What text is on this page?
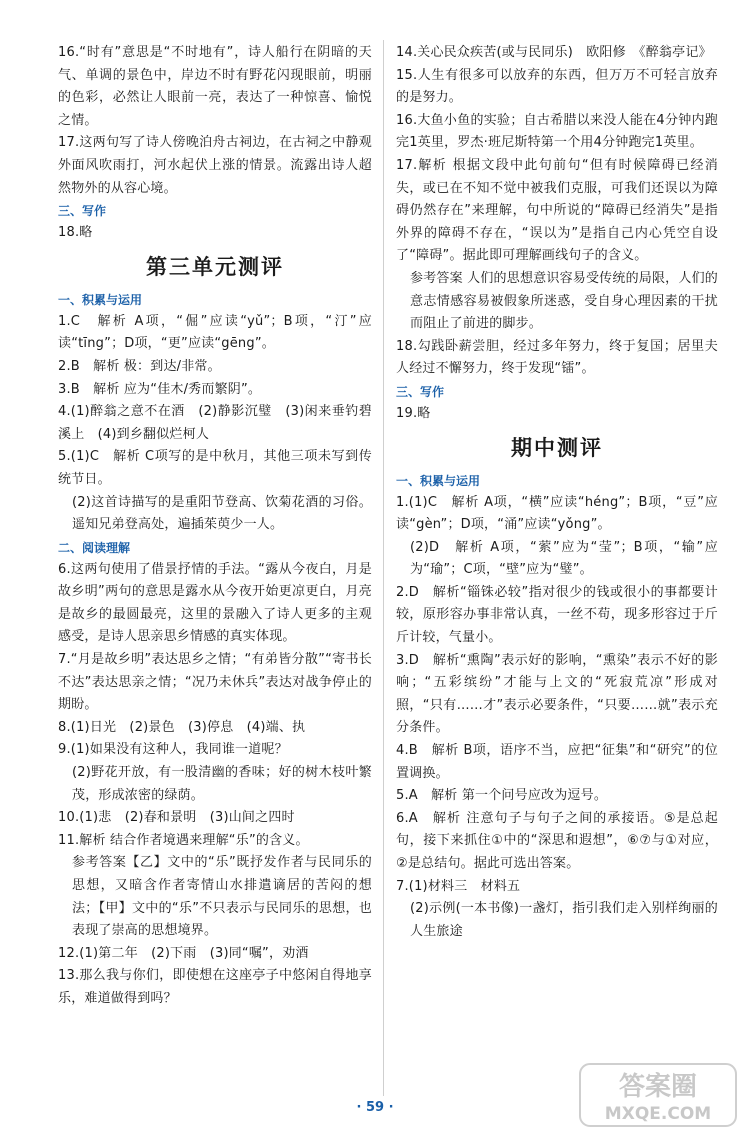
16.“时有”意思是“不时地有”，诗人船行在阴暗的天气、单调的景色中，岸边不时有野花闪现眼前，明丽的色彩，必然让人眼前一亮，表达了一种惊喜、愉悦之情。
17.这两句写了诗人傍晚泊舟古祠边，在古祠之中静观外面风吹雨打，河水起伏上涨的情景。流露出诗人超然物外的从容心境。
三、写作
18.略
第三单元测评
一、积累与运用
1.C　解析 A项，“倔”应读“yǔ”；B项，“汀”应读“tīng”；D项，“更”应读“gēng”。
2.B　解析 极：到达/非常。
3.B　解析 应为“佳木/秀而繁阴”。
4.(1)醉翁之意不在酒　(2)静影沉璧　(3)闲来垂钓碧溪上　(4)到乡翻似烂柯人
5.(1)C　解析 C项写的是中秋月，其他三项未写到传统节日。
(2)这首诗描写的是重阳节登高、饮菊花酒的习俗。遥知兄弟登高处，遍插茱萸少一人。
二、阅读理解
6.这两句使用了借景抒情的手法。“露从今夜白，月是故乡明”两句的意思是露水从今夜开始更凉更白，月亮是故乡的最圆最亮，这里的景融入了诗人更多的主观感受，是诗人思亲思乡情感的真实体现。
7.“月是故乡明”表达思乡之情；“有弟皆分散”“寄书长不达”表达思亲之情；“况乃未休兵”表达对战争停止的期盼。
8.(1)日光　(2)景色　(3)停息　(4)端、执
9.(1)如果没有这种人，我同谁一道呢？
(2)野花开放，有一股清幽的香味；好的树木枝叶繁茂，形成浓密的绿荫。
10.(1)悲　(2)春和景明　(3)山间之四时
11.解析 结合作者境遇来理解“乐”的含义。
参考答案【乙】文中的“乐”既抒发作者与民同乐的思想，又暗含作者寄情山水排遣谪居的苦闷的想法；【甲】文中的“乐”不只表示与民同乐的思想，也表现了崇高的思想境界。
12.(1)第二年　(2)下雨　(3)同“嘱”，劝酒
13.那么我与你们，即使想在这座亭子中悠闲自得地享乐，难道做得到吗？
14.关心民众疾苦(或与民同乐)　欧阳修　《醉翁亭记》
15.人生有很多可以放弃的东西，但万万不可轻言放弃的是努力。
16.大鱼小鱼的实验；自古希腊以来没人能在4分钟内跑完1英里，罗杰·班尼斯特第一个用4分钟跑完1英里。
17.解析 根据文段中此句前句“但有时候障碍已经消失，或已在不知不觉中被我们克服，可我们还误以为障碍仍然存在”来理解，句中所说的“障碍已经消失”是指外界的障碍不存在，“误以为”是指自己内心凭空自设了“障碍”。据此即可理解画线句子的含义。
参考答案 人们的思想意识容易受传统的局限，人们的意志情感容易被假象所迷惑，受自身心理因素的干扰而阻止了前进的脚步。
18.勾践卧薪尝胆，经过多年努力，终于复国；居里夫人经过不懈努力，终于发现“镭”。
三、写作
19.略
期中测评
一、积累与运用
1.(1)C　解析 A项，“横”应读“héng”；B项，“豆”应读“gèn”；D项，“涌”应读“yǒng”。
(2)D　解析 A项，“萦”应为“莹”；B项，“输”应为“瑜”；C项，“壁”应为“璧”。
2.D　解析“锱铢必较”指对很少的钱或很小的事都要计较，原形容办事非常认真，一丝不苟，现多形容过于斤斤计较，气量小。
3.D　解析“熏陶”表示好的影响，“熏染”表示不好的影响；“五彩缤纷”才能与上文的“死寂荒凉”形成对照，“只有……才”表示必要条件，“只要……就”表示充分条件。
4.B　解析 B项，语序不当，应把“征集”和“研究”的位置调换。
5.A　解析 第一个问号应改为逗号。
6.A　解析 注意句子与句子之间的承接语。⑤是总起句，接下来抓住①中的“深思和遐想”，⑥⑦与①对应，②是总结句。据此可选出答案。
7.(1)材料三　材料五
(2)示例(一本书像)一盏灯，指引我们走入别样绚丽的人生旅途
· 59 ·
答案圈
MXQE.COM
